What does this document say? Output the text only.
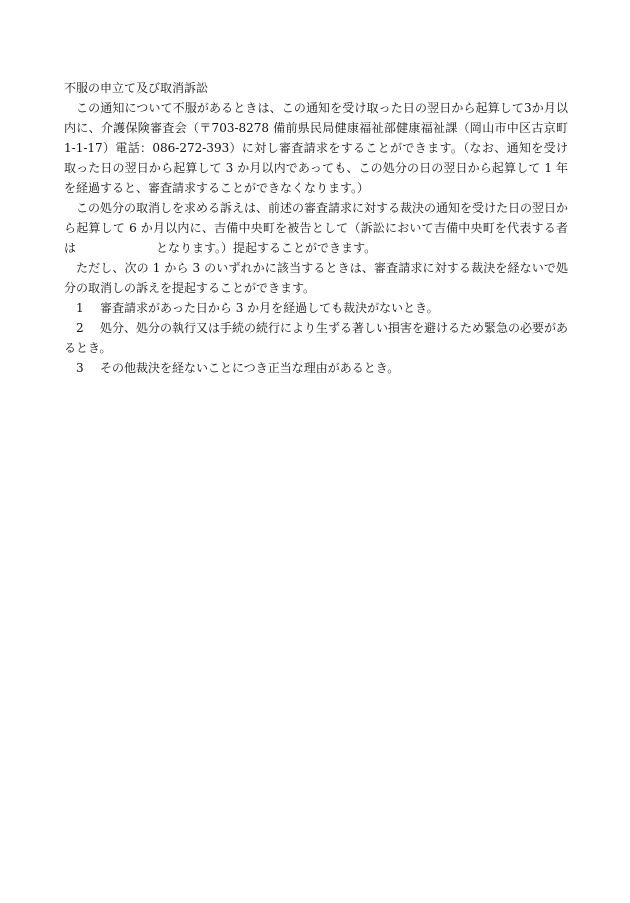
不服の申立て及び取消訴訟

この通知について不服があるときは、この通知を受け取った日の翌日から起算して3か月以内に、介護保険審査会（〒703-8278 備前県民局健康福祉部健康福祉課（岡山市中区古京町 1-1-17）電話：086-272-393）に対し審査請求をすることができます。（なお、通知を受け取った日の翌日から起算して 3 か月以内であっても、この処分の日の翌日から起算して 1 年を経過すると、審査請求することができなくなります。）

この処分の取消しを求める訴えは、前述の審査請求に対する裁決の通知を受けた日の翌日から起算して 6 か月以内に、吉備中央町を被告として（訴訟において吉備中央町を代表する者は	となります。）提起することができます。

ただし、次の 1 から 3 のいずれかに該当するときは、審査請求に対する裁決を経ないで処分の取消しの訴えを提起することができます。

1 審査請求があった日から 3 か月を経過しても裁決がないとき。

2 処分、処分の執行又は手続の続行により生ずる著しい損害を避けるため緊急の必要があるとき。

3 その他裁決を経ないことにつき正当な理由があるとき。
